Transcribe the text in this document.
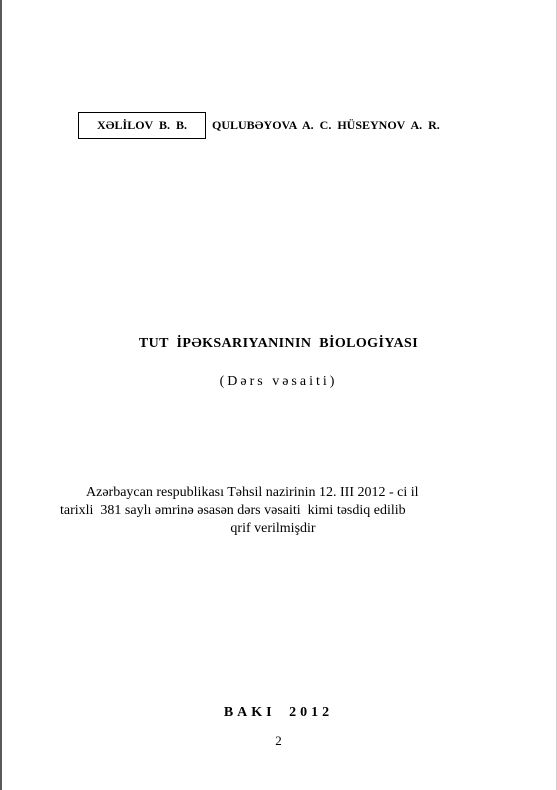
XƏLİLOV B. B. QULUBƏYOVA A. C. HÜSEYNOV A. R.
TUT İPƏKSARIYANININ BİOLOGİYASI
(Dərs vəsaiti)
Azərbaycan respublikası Təhsil nazirinin 12. III 2012 - ci il
tarixli  381 saylı əmrinə əsasən dərs vəsaiti  kimi təsdiq edilib
qrif verilmişdir
BAKI 2012
2
